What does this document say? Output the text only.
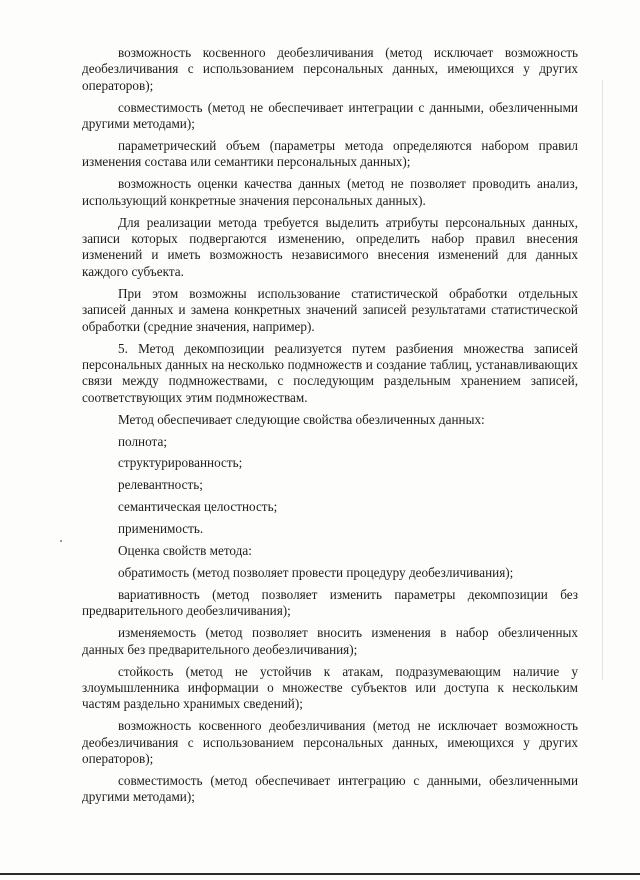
возможность косвенного деобезличивания (метод исключает возможность деобезличивания с использованием персональных данных, имеющихся у других операторов);

совместимость (метод не обеспечивает интеграции с данными, обезличенными другими методами);

параметрический объем (параметры метода определяются набором правил изменения состава или семантики персональных данных);

возможность оценки качества данных (метод не позволяет проводить анализ, использующий конкретные значения персональных данных).

Для реализации метода требуется выделить атрибуты персональных данных, записи которых подвергаются изменению, определить набор правил внесения изменений и иметь возможность независимого внесения изменений для данных каждого субъекта.

При этом возможны использование статистической обработки отдельных записей данных и замена конкретных значений записей результатами статистической обработки (средние значения, например).

5. Метод декомпозиции реализуется путем разбиения множества записей персональных данных на несколько подмножеств и создание таблиц, устанавливающих связи между подмножествами, с последующим раздельным хранением записей, соответствующих этим подмножествам.

Метод обеспечивает следующие свойства обезличенных данных:

полнота;

структурированность;

релевантность;

семантическая целостность;

применимость.

Оценка свойств метода:

обратимость (метод позволяет провести процедуру деобезличивания);

вариативность (метод позволяет изменить параметры декомпозиции без предварительного деобезличивания);

изменяемость (метод позволяет вносить изменения в набор обезличенных данных без предварительного деобезличивания);

стойкость (метод не устойчив к атакам, подразумевающим наличие у злоумышленника информации о множестве субъектов или доступа к нескольким частям раздельно хранимых сведений);

возможность косвенного деобезличивания (метод не исключает возможность деобезличивания с использованием персональных данных, имеющихся у других операторов);

совместимость (метод обеспечивает интеграцию с данными, обезличенными другими методами);
